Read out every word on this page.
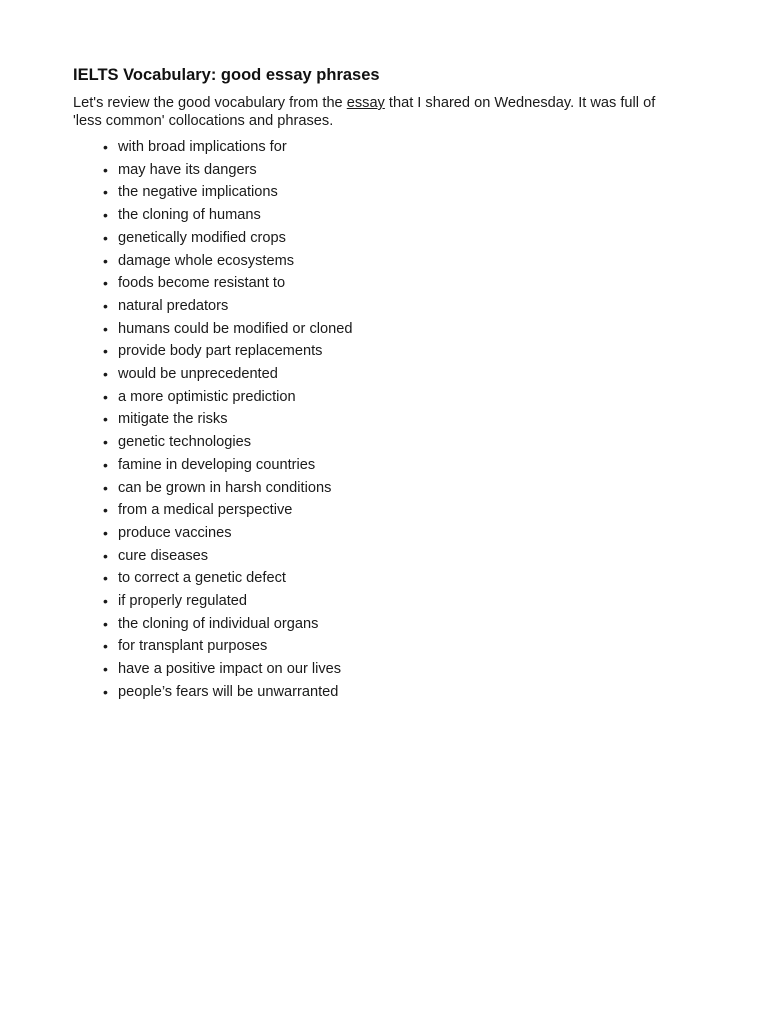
IELTS Vocabulary: good essay phrases

Let's review the good vocabulary from the essay that I shared on Wednesday. It was full of
'less common' collocations and phrases.

• with broad implications for
• may have its dangers
• the negative implications
• the cloning of humans
• genetically modified crops
• damage whole ecosystems
• foods become resistant to
• natural predators
• humans could be modified or cloned
• provide body part replacements
• would be unprecedented
• a more optimistic prediction
• mitigate the risks
• genetic technologies
• famine in developing countries
• can be grown in harsh conditions
• from a medical perspective
• produce vaccines
• cure diseases
• to correct a genetic defect
• if properly regulated
• the cloning of individual organs
• for transplant purposes
• have a positive impact on our lives
• people’s fears will be unwarranted
